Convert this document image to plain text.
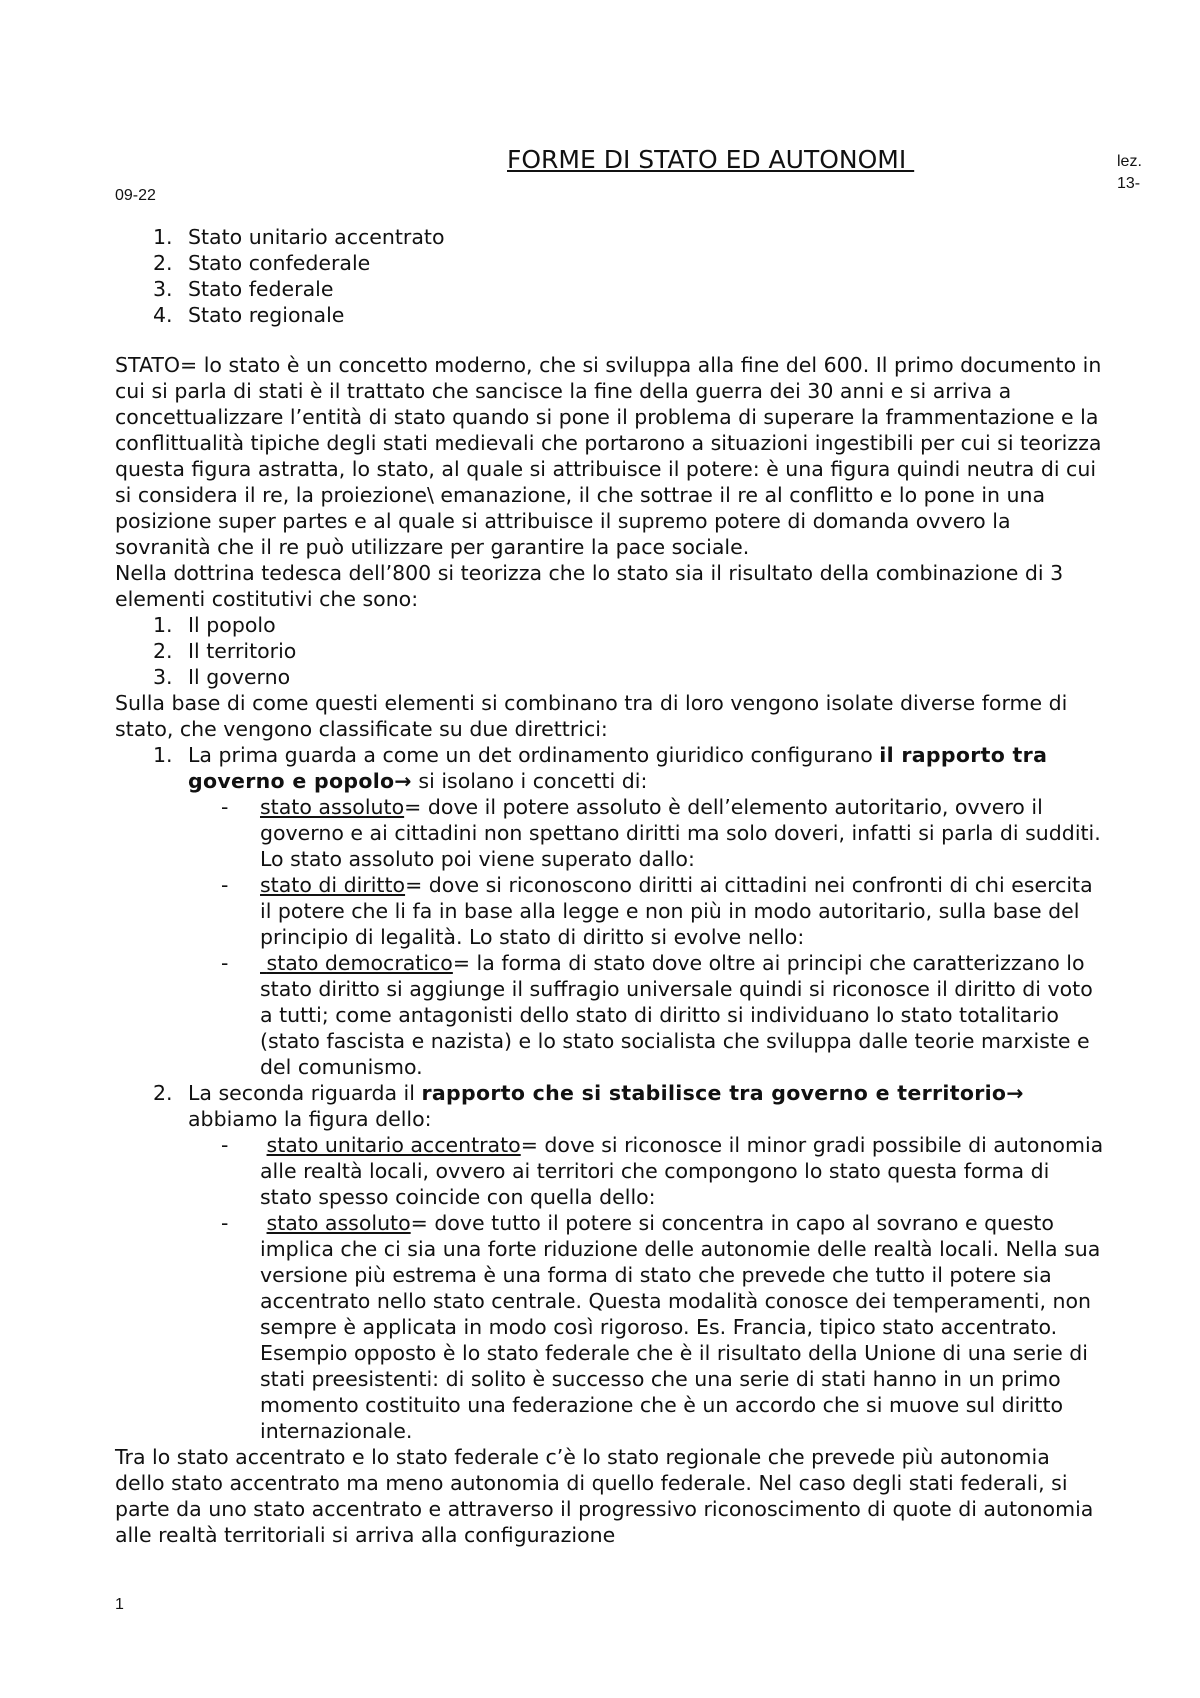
FORME DI STATO ED AUTONOMI	lez. 13-
09-22
1. Stato unitario accentrato
2. Stato confederale
3. Stato federale
4. Stato regionale

STATO= lo stato è un concetto moderno, che si sviluppa alla fine del 600. Il primo documento in cui si parla di stati è il trattato che sancisce la fine della guerra dei 30 anni e si arriva a concettualizzare l’entità di stato quando si pone il problema di superare la frammentazione e la conflittualità tipiche degli stati medievali che portarono a situazioni ingestibili per cui si teorizza questa figura astratta, lo stato, al quale si attribuisce il potere: è una figura quindi neutra di cui si considera il re, la proiezione\ emanazione, il che sottrae il re al conflitto e lo pone in una posizione super partes e al quale si attribuisce il supremo potere di domanda ovvero la sovranità che il re può utilizzare per garantire la pace sociale.

Nella dottrina tedesca dell’800 si teorizza che lo stato sia il risultato della combinazione di 3 elementi costitutivi che sono:

1. Il popolo
2. Il territorio
3. Il governo

Sulla base di come questi elementi si combinano tra di loro vengono isolate diverse forme di stato, che vengono classificate su due direttrici:

1. La prima guarda a come un det ordinamento giuridico configurano il rapporto tra governo e popolo→ si isolano i concetti di:
- stato assoluto= dove il potere assoluto è dell’elemento autoritario, ovvero il governo e ai cittadini non spettano diritti ma solo doveri, infatti si parla di sudditi. Lo stato assoluto poi viene superato dallo:
- stato di diritto= dove si riconoscono diritti ai cittadini nei confronti di chi esercita il potere che li fa in base alla legge e non più in modo autoritario, sulla base del principio di legalità. Lo stato di diritto si evolve nello:
- stato democratico= la forma di stato dove oltre ai principi che caratterizzano lo stato diritto si aggiunge il suffragio universale quindi si riconosce il diritto di voto a tutti; come antagonisti dello stato di diritto si individuano lo stato totalitario (stato fascista e nazista) e lo stato socialista che sviluppa dalle teorie marxiste e del comunismo.
2. La seconda riguarda il rapporto che si stabilisce tra governo e territorio→ abbiamo la figura dello:
- stato unitario accentrato= dove si riconosce il minor gradi possibile di autonomia alle realtà locali, ovvero ai territori che compongono lo stato questa forma di stato spesso coincide con quella dello:
- stato assoluto= dove tutto il potere si concentra in capo al sovrano e questo implica che ci sia una forte riduzione delle autonomie delle realtà locali. Nella sua versione più estrema è una forma di stato che prevede che tutto il potere sia accentrato nello stato centrale. Questa modalità conosce dei temperamenti, non sempre è applicata in modo così rigoroso. Es. Francia, tipico stato accentrato. Esempio opposto è lo stato federale che è il risultato della Unione di una serie di stati preesistenti: di solito è successo che una serie di stati hanno in un primo momento costituito una federazione che è un accordo che si muove sul diritto internazionale.

Tra lo stato accentrato e lo stato federale c’è lo stato regionale che prevede più autonomia dello stato accentrato ma meno autonomia di quello federale. Nel caso degli stati federali, si parte da uno stato accentrato e attraverso il progressivo riconoscimento di quote di autonomia alle realtà territoriali si arriva alla configurazione

1
